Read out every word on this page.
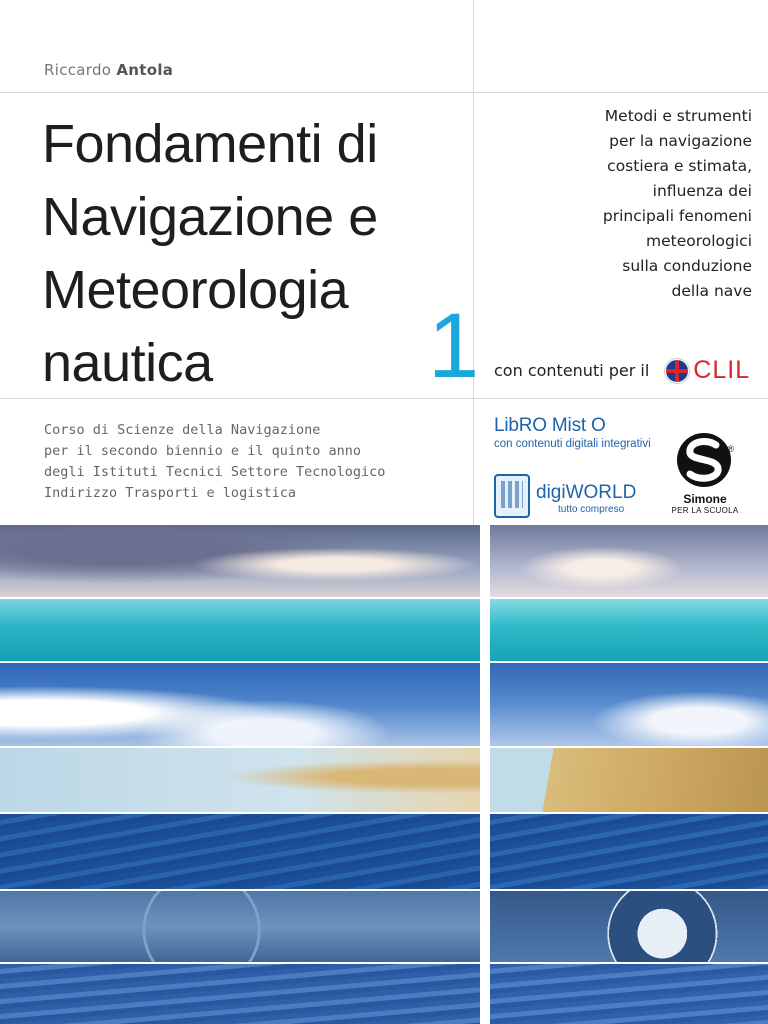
Riccardo Antola
Fondamenti di
Navigazione e
Meteorologia
nautica	1
Metodi e strumenti
per la navigazione
costiera e stimata,
influenza dei
principali fenomeni
meteorologici
sulla conduzione
della nave
con contenuti per il CLIL
Corso di Scienze della Navigazione
per il secondo biennio e il quinto anno
degli Istituti Tecnici Settore Tecnologico
Indirizzo Trasporti e logistica
LibRO Mist O
con contenuti digitali integrativi
digiWORLD
tutto compreso
®
Simone
PER LA SCUOLA
